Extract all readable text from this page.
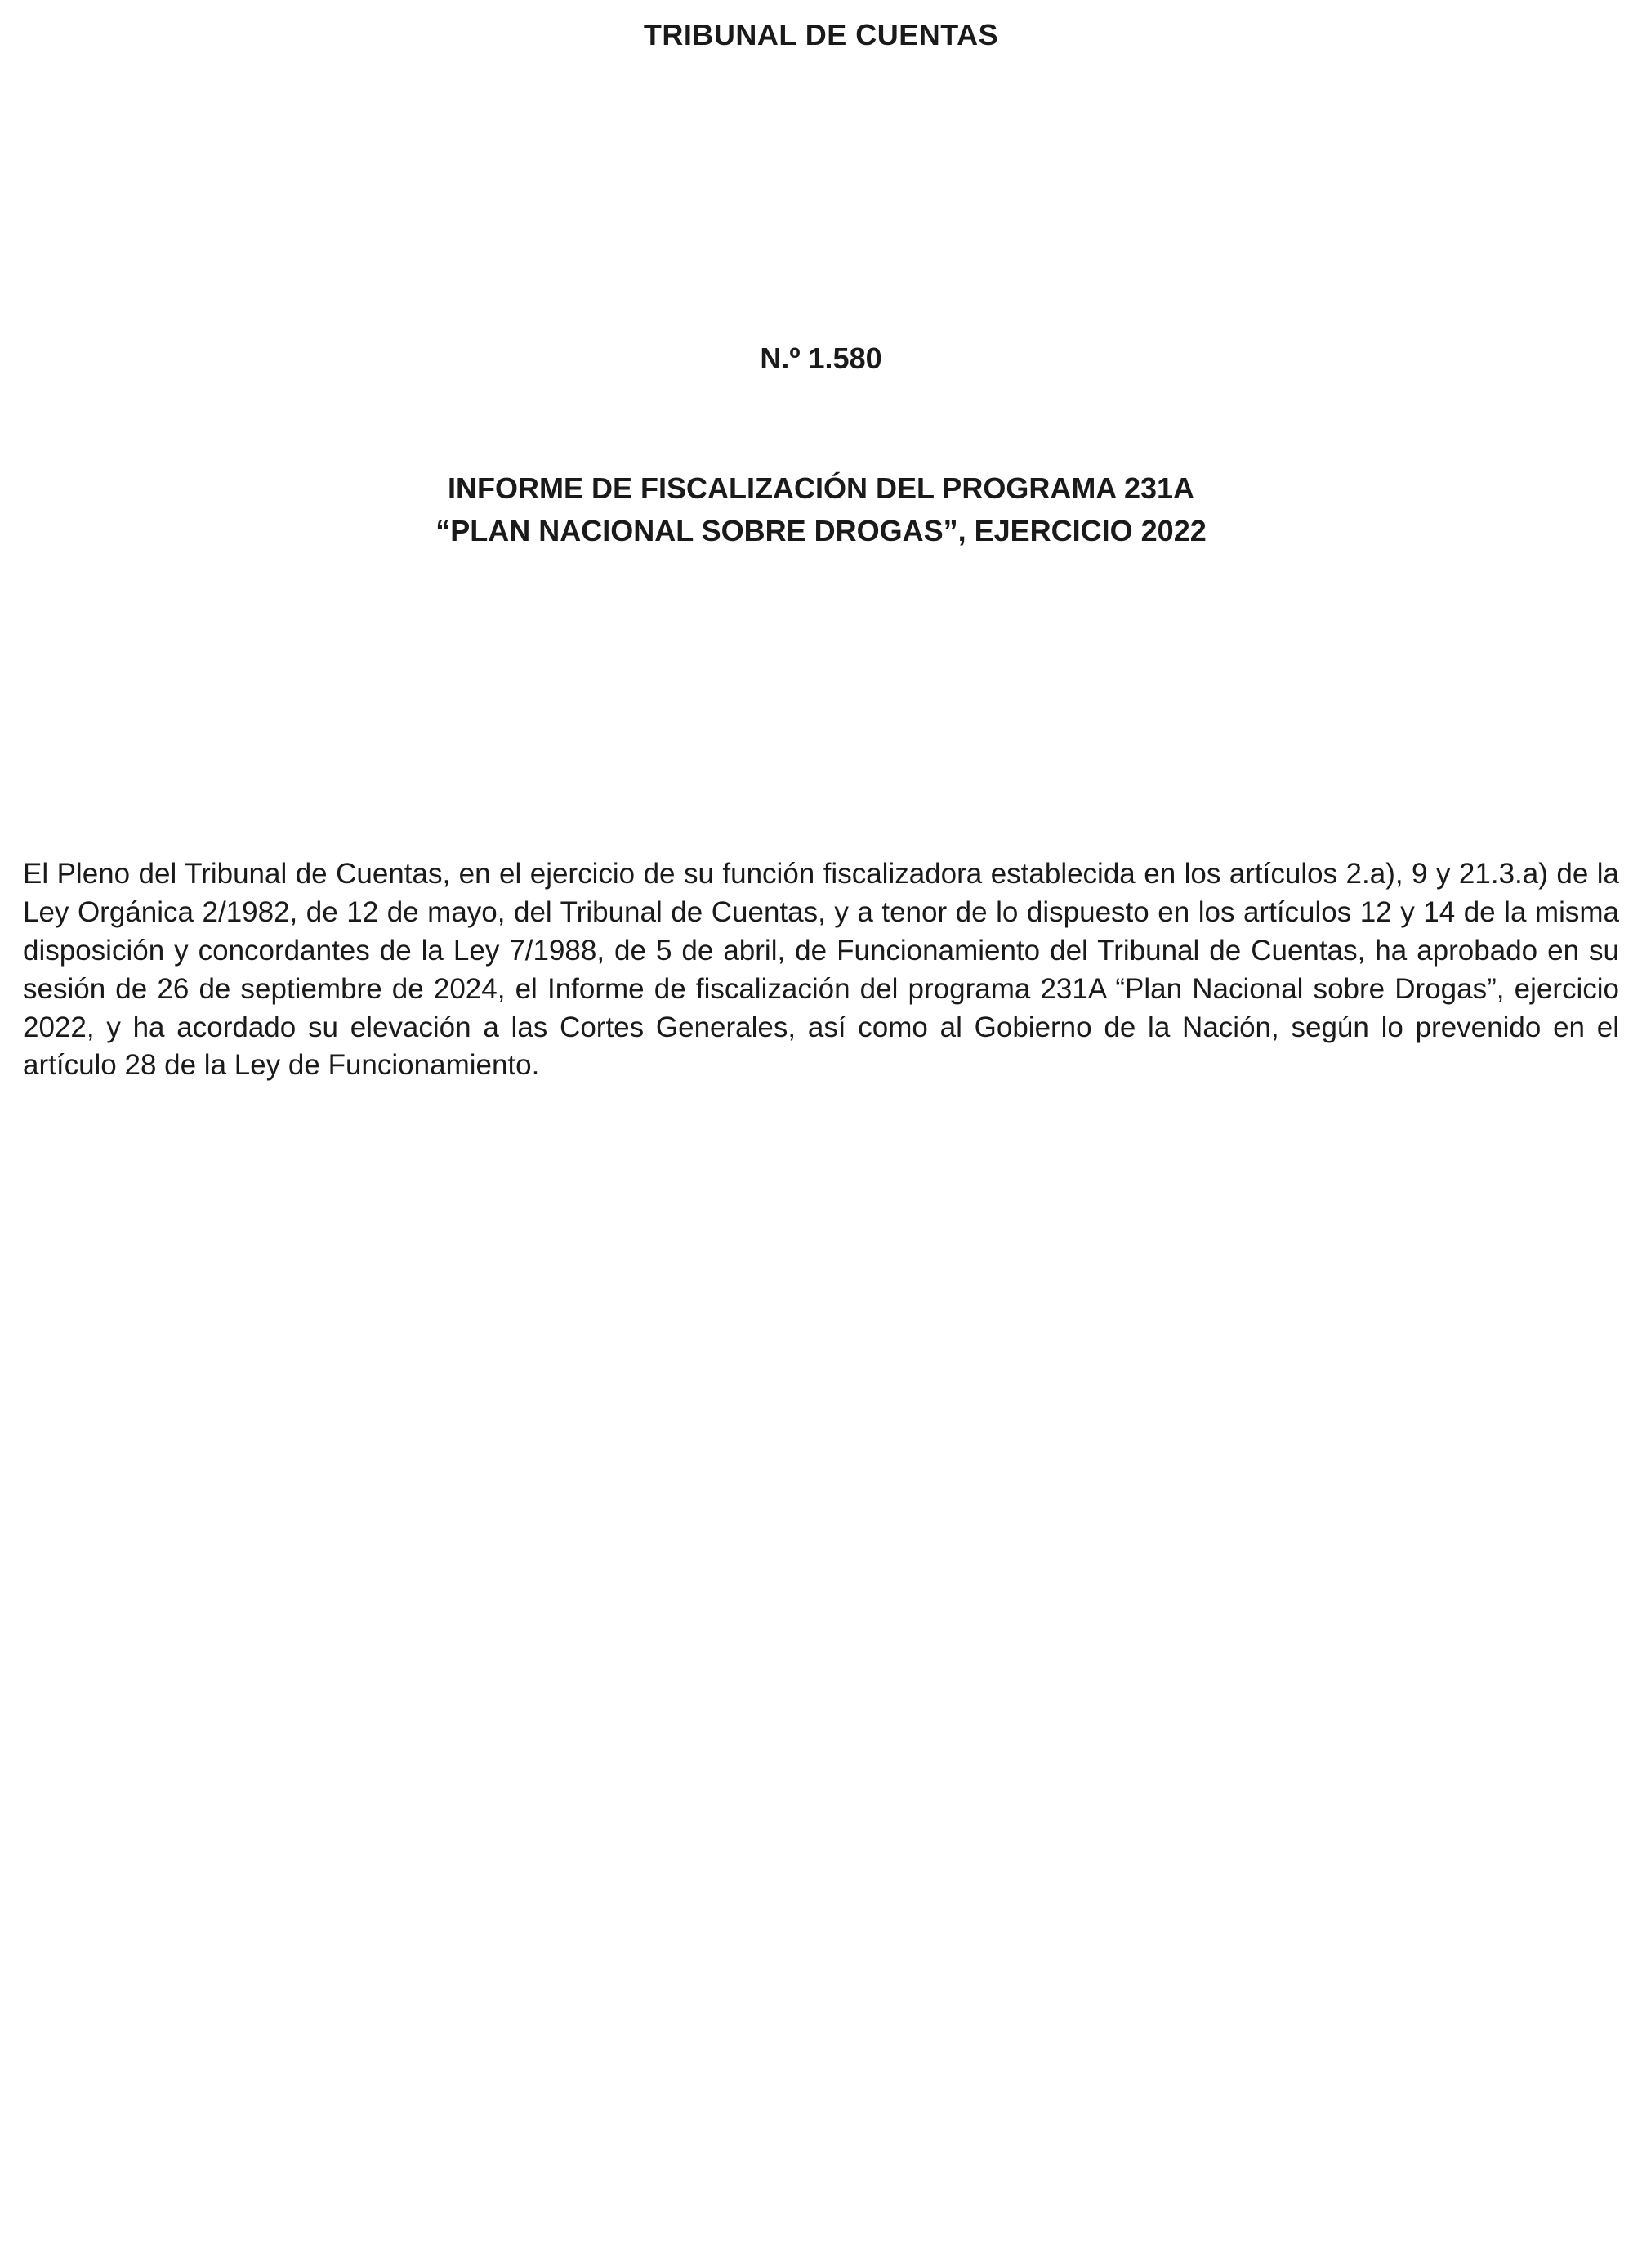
TRIBUNAL DE CUENTAS
N.º 1.580
INFORME DE FISCALIZACIÓN DEL PROGRAMA 231A
“PLAN NACIONAL SOBRE DROGAS”, EJERCICIO 2022

El Pleno del Tribunal de Cuentas, en el ejercicio de su función fiscalizadora establecida en los artículos 2.a), 9 y 21.3.a) de la Ley Orgánica 2/1982, de 12 de mayo, del Tribunal de Cuentas, y a tenor de lo dispuesto en los artículos 12 y 14 de la misma disposición y concordantes de la Ley 7/1988, de 5 de abril, de Funcionamiento del Tribunal de Cuentas, ha aprobado en su sesión de 26 de septiembre de 2024, el Informe de fiscalización del programa 231A “Plan Nacional sobre Drogas”, ejercicio 2022, y ha acordado su elevación a las Cortes Generales, así como al Gobierno de la Nación, según lo prevenido en el artículo 28 de la Ley de Funcionamiento.
